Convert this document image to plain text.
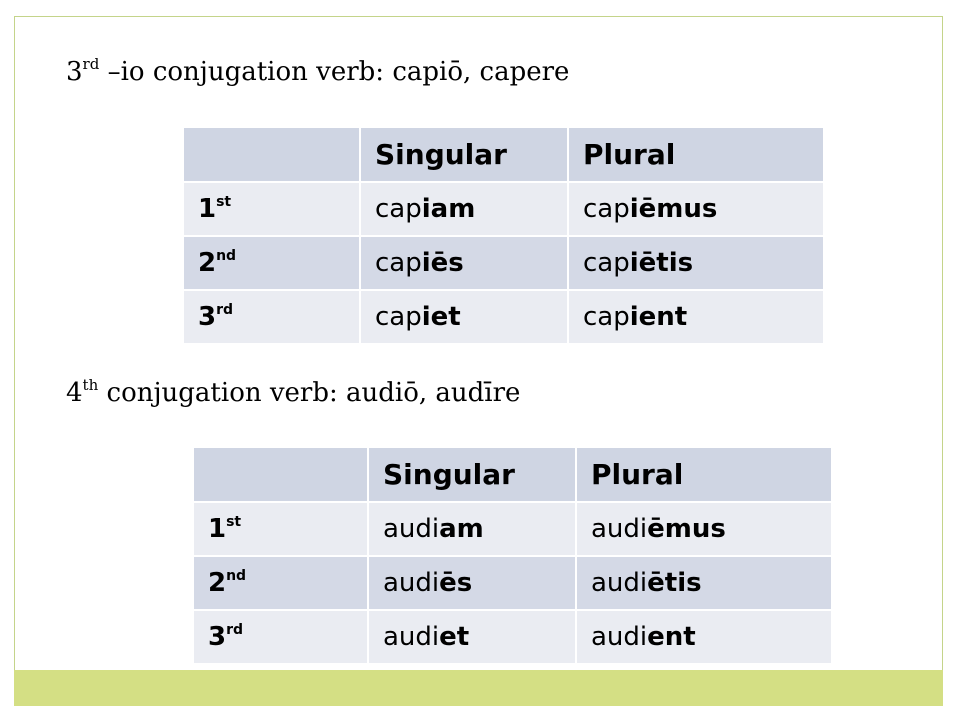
3rd –io conjugation verb: capiō, capere
	Singular	Plural
1st	capiam	capiēmus
2nd	capiēs	capiētis
3rd	capiet	capient
4th conjugation verb: audiō, audīre
	Singular	Plural
1st	audiam	audiēmus
2nd	audiēs	audiētis
3rd	audiet	audient
